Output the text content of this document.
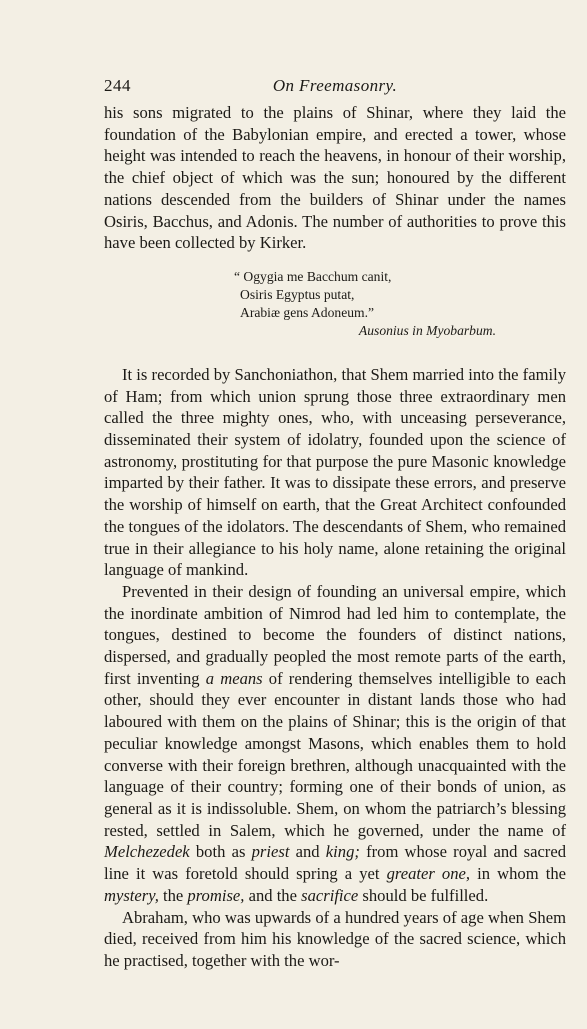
244	On Freemasonry.

his sons migrated to the plains of Shinar, where they laid the foundation of the Babylonian empire, and erected a tower, whose height was intended to reach the heavens, in honour of their worship, the chief object of which was the sun; honoured by the different nations descended from the builders of Shinar under the names Osiris, Bacchus, and Adonis. The number of authorities to prove this have been collected by Kirker.

“ Ogygia me Bacchum canit,
Osiris Egyptus putat,
Arabiæ gens Adoneum.”
Ausonius in Myobarbum.

It is recorded by Sanchoniathon, that Shem married into the family of Ham; from which union sprung those three extraordinary men called the three mighty ones, who, with unceasing perseverance, disseminated their system of idolatry, founded upon the science of astronomy, prostituting for that purpose the pure Masonic knowledge imparted by their father. It was to dissipate these errors, and preserve the worship of himself on earth, that the Great Architect confounded the tongues of the idolators. The descendants of Shem, who remained true in their allegiance to his holy name, alone retaining the original language of mankind.

Prevented in their design of founding an universal empire, which the inordinate ambition of Nimrod had led him to contemplate, the tongues, destined to become the founders of distinct nations, dispersed, and gradually peopled the most remote parts of the earth, first inventing a means of rendering themselves intelligible to each other, should they ever encounter in distant lands those who had laboured with them on the plains of Shinar; this is the origin of that peculiar knowledge amongst Masons, which enables them to hold converse with their foreign brethren, although unacquainted with the language of their country; forming one of their bonds of union, as general as it is indissoluble. Shem, on whom the patriarch’s blessing rested, settled in Salem, which he governed, under the name of Melchezedek both as priest and king; from whose royal and sacred line it was foretold should spring a yet greater one, in whom the mystery, the promise, and the sacrifice should be fulfilled.

Abraham, who was upwards of a hundred years of age when Shem died, received from him his knowledge of the sacred science, which he practised, together with the wor-
